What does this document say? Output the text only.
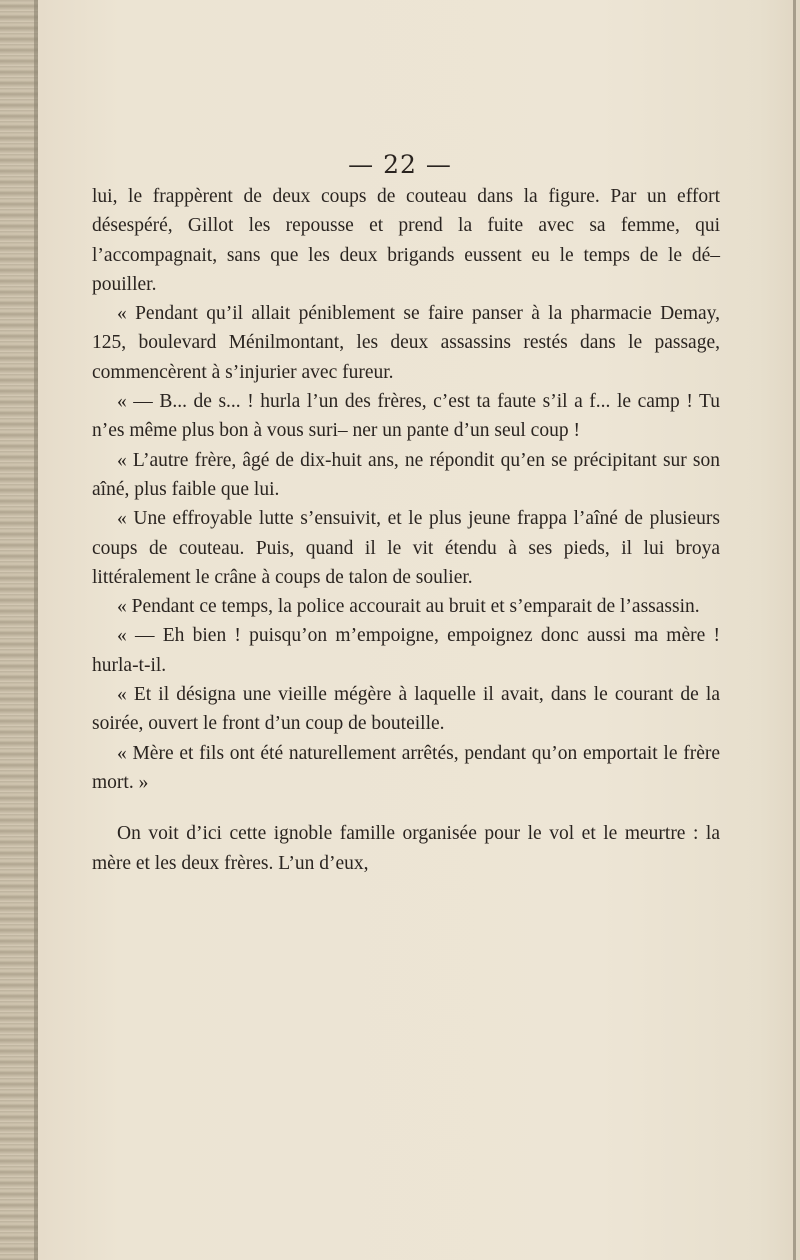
— 22 —

lui, le frappèrent de deux coups de couteau dans la figure. Par un effort désespéré, Gillot les repousse et prend la fuite avec sa femme, qui l’accompagnait, sans que les deux brigands eussent eu le temps de le dé– pouiller.

« Pendant qu’il allait péniblement se faire panser à la pharmacie Demay, 125, boulevard Ménilmontant, les deux assassins restés dans le passage, commencèrent à s’injurier avec fureur.

« — B... de s... ! hurla l’un des frères, c’est ta faute s’il a f... le camp ! Tu n’es même plus bon à vous suri– ner un pante d’un seul coup !

« L’autre frère, âgé de dix-huit ans, ne répondit qu’en se précipitant sur son aîné, plus faible que lui.

« Une effroyable lutte s’ensuivit, et le plus jeune frappa l’aîné de plusieurs coups de couteau. Puis, quand il le vit étendu à ses pieds, il lui broya littéralement le crâne à coups de talon de soulier.

« Pendant ce temps, la police accourait au bruit et s’emparait de l’assassin.

« — Eh bien ! puisqu’on m’empoigne, empoignez donc aussi ma mère ! hurla-t-il.

« Et il désigna une vieille mégère à laquelle il avait, dans le courant de la soirée, ouvert le front d’un coup de bouteille.

« Mère et fils ont été naturellement arrêtés, pendant qu’on emportait le frère mort. »

On voit d’ici cette ignoble famille organisée pour le vol et le meurtre : la mère et les deux frères. L’un d’eux,
